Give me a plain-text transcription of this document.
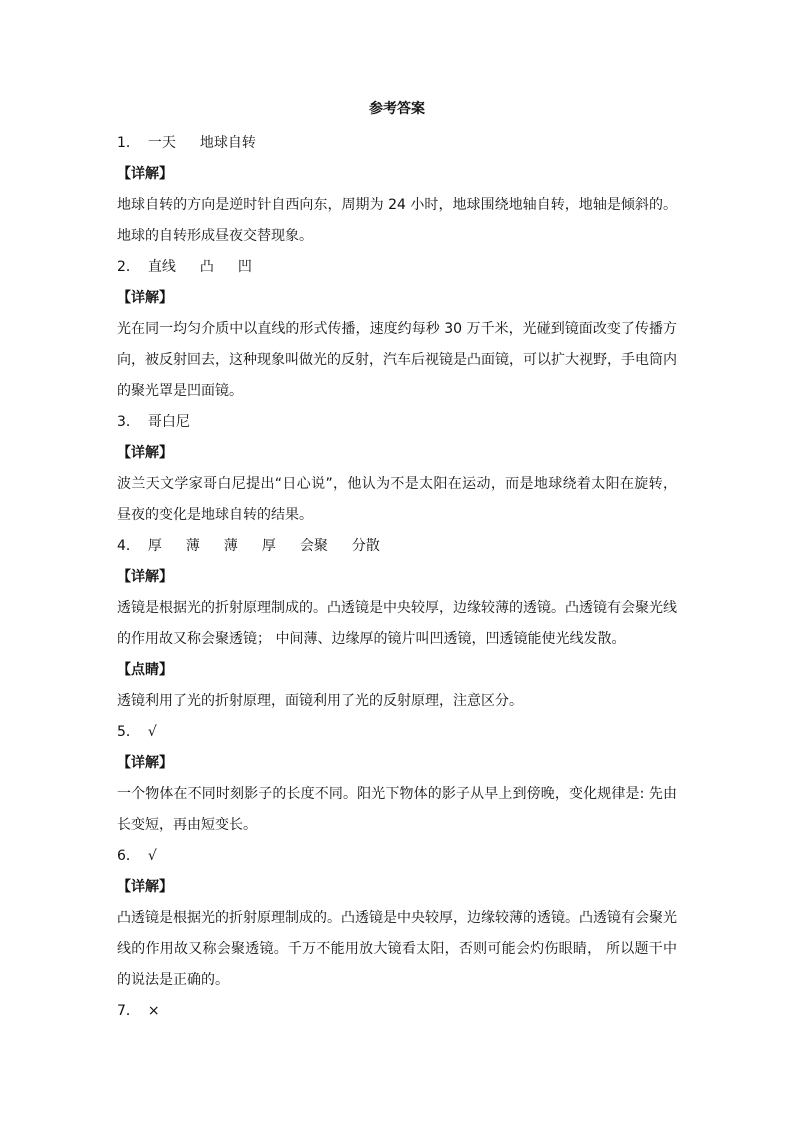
参考答案
1． 一天 地球自转
【详解】
地球自转的方向是逆时针自西向东，周期为 24 小时，地球围绕地轴自转，地轴是倾斜的。地球的自转形成昼夜交替现象。
2． 直线 凸 凹
【详解】
光在同一均匀介质中以直线的形式传播，速度约每秒 30 万千米，光碰到镜面改变了传播方向，被反射回去，这种现象叫做光的反射，汽车后视镜是凸面镜，可以扩大视野，手电筒内的聚光罩是凹面镜。
3． 哥白尼
【详解】
波兰天文学家哥白尼提出“日心说”，他认为不是太阳在运动，而是地球绕着太阳在旋转，昼夜的变化是地球自转的结果。
4． 厚 薄 薄 厚 会聚 分散
【详解】
透镜是根据光的折射原理制成的。凸透镜是中央较厚，边缘较薄的透镜。凸透镜有会聚光线的作用故又称会聚透镜； 中间薄、边缘厚的镜片叫凹透镜，凹透镜能使光线发散。
【点睛】
透镜利用了光的折射原理，面镜利用了光的反射原理，注意区分。
5． √
【详解】
一个物体在不同时刻影子的长度不同。阳光下物体的影子从早上到傍晚，变化规律是: 先由长变短，再由短变长。
6． √
【详解】
凸透镜是根据光的折射原理制成的。凸透镜是中央较厚，边缘较薄的透镜。凸透镜有会聚光线的作用故又称会聚透镜。千万不能用放大镜看太阳，否则可能会灼伤眼睛， 所以题干中的说法是正确的。
7． ×
